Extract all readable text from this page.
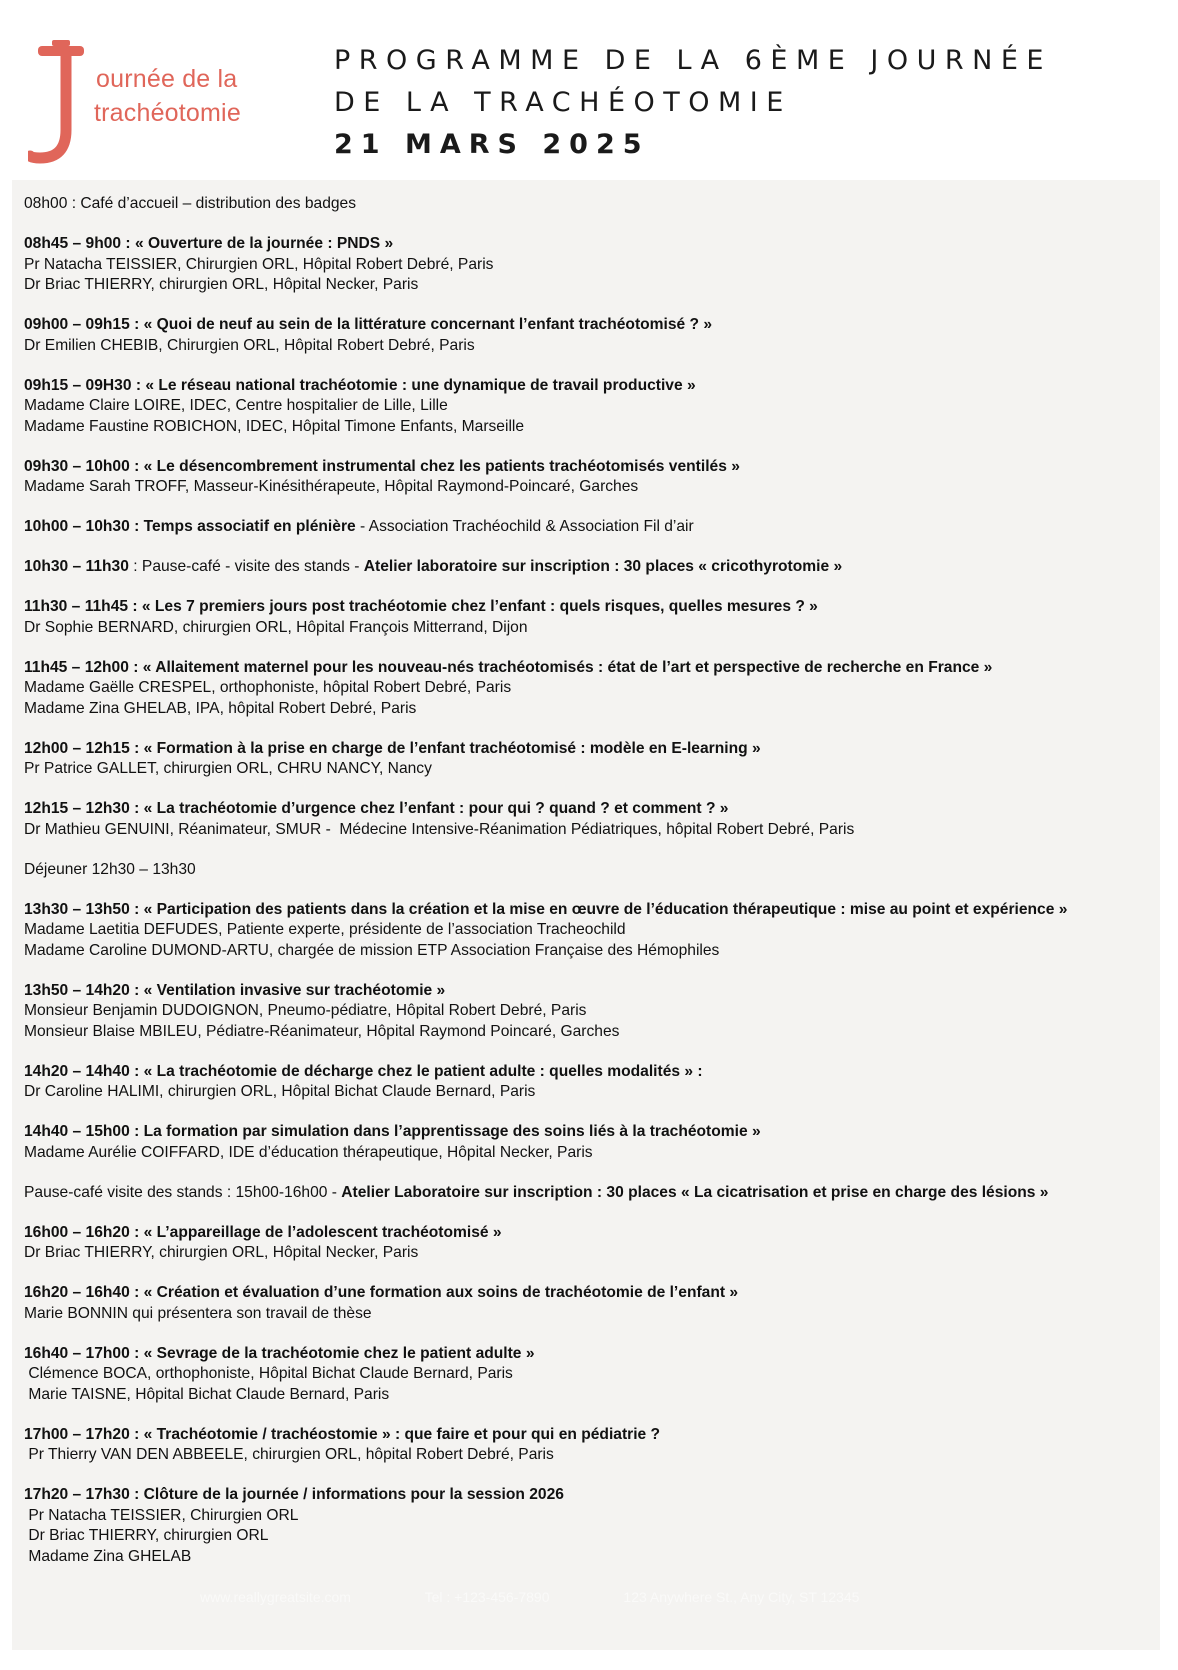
ournée de la
trachéotomie
PROGRAMME DE LA 6ÈME JOURNÉE
DE LA TRACHÉOTOMIE
21 MARS 2025
08h00 : Café d’accueil – distribution des badges
08h45 – 9h00 : « Ouverture de la journée : PNDS »
Pr Natacha TEISSIER, Chirurgien ORL, Hôpital Robert Debré, Paris
Dr Briac THIERRY, chirurgien ORL, Hôpital Necker, Paris
09h00 – 09h15 : « Quoi de neuf au sein de la littérature concernant l’enfant trachéotomisé ? »
Dr Emilien CHEBIB, Chirurgien ORL, Hôpital Robert Debré, Paris
09h15 – 09H30 : « Le réseau national trachéotomie : une dynamique de travail productive »
Madame Claire LOIRE, IDEC, Centre hospitalier de Lille, Lille
Madame Faustine ROBICHON, IDEC, Hôpital Timone Enfants, Marseille
09h30 – 10h00 : « Le désencombrement instrumental chez les patients trachéotomisés ventilés »
Madame Sarah TROFF, Masseur-Kinésithérapeute, Hôpital Raymond-Poincaré, Garches
10h00 – 10h30 : Temps associatif en plénière - Association Trachéochild & Association Fil d’air
10h30 – 11h30 : Pause-café - visite des stands - Atelier laboratoire sur inscription : 30 places « cricothyrotomie »
11h30 – 11h45 : « Les 7 premiers jours post trachéotomie chez l’enfant : quels risques, quelles mesures ? »
Dr Sophie BERNARD, chirurgien ORL, Hôpital François Mitterrand, Dijon
11h45 – 12h00 : « Allaitement maternel pour les nouveau-nés trachéotomisés : état de l’art et perspective de recherche en France »
Madame Gaëlle CRESPEL, orthophoniste, hôpital Robert Debré, Paris
Madame Zina GHELAB, IPA, hôpital Robert Debré, Paris
12h00 – 12h15 : « Formation à la prise en charge de l’enfant trachéotomisé : modèle en E-learning »
Pr Patrice GALLET, chirurgien ORL, CHRU NANCY, Nancy
12h15 – 12h30 : « La trachéotomie d’urgence chez l’enfant : pour qui ? quand ? et comment ? »
Dr Mathieu GENUINI, Réanimateur, SMUR -  Médecine Intensive-Réanimation Pédiatriques, hôpital Robert Debré, Paris
Déjeuner 12h30 – 13h30
13h30 – 13h50 : « Participation des patients dans la création et la mise en œuvre de l’éducation thérapeutique : mise au point et expérience »
Madame Laetitia DEFUDES, Patiente experte, présidente de l’association Tracheochild
Madame Caroline DUMOND-ARTU, chargée de mission ETP Association Française des Hémophiles
13h50 – 14h20 : « Ventilation invasive sur trachéotomie »
Monsieur Benjamin DUDOIGNON, Pneumo-pédiatre, Hôpital Robert Debré, Paris
Monsieur Blaise MBILEU, Pédiatre-Réanimateur, Hôpital Raymond Poincaré, Garches
14h20 – 14h40 : « La trachéotomie de décharge chez le patient adulte : quelles modalités » :
Dr Caroline HALIMI, chirurgien ORL, Hôpital Bichat Claude Bernard, Paris
14h40 – 15h00 : La formation par simulation dans l’apprentissage des soins liés à la trachéotomie »
Madame Aurélie COIFFARD, IDE d’éducation thérapeutique, Hôpital Necker, Paris
Pause-café visite des stands : 15h00-16h00 - Atelier Laboratoire sur inscription : 30 places « La cicatrisation et prise en charge des lésions »
16h00 – 16h20 : « L’appareillage de l’adolescent trachéotomisé »
Dr Briac THIERRY, chirurgien ORL, Hôpital Necker, Paris
16h20 – 16h40 : « Création et évaluation d’une formation aux soins de trachéotomie de l’enfant »
Marie BONNIN qui présentera son travail de thèse
16h40 – 17h00 : « Sevrage de la trachéotomie chez le patient adulte »
Clémence BOCA, orthophoniste, Hôpital Bichat Claude Bernard, Paris
Marie TAISNE, Hôpital Bichat Claude Bernard, Paris
17h00 – 17h20 : « Trachéotomie / trachéostomie » : que faire et pour qui en pédiatrie ?
Pr Thierry VAN DEN ABBEELE, chirurgien ORL, hôpital Robert Debré, Paris
17h20 – 17h30 : Clôture de la journée / informations pour la session 2026
Pr Natacha TEISSIER, Chirurgien ORL
Dr Briac THIERRY, chirurgien ORL
Madame Zina GHELAB
www.reallygreatsite.com	Tel : +123-456-7890	123 Anywhere St., Any City, ST 12345
